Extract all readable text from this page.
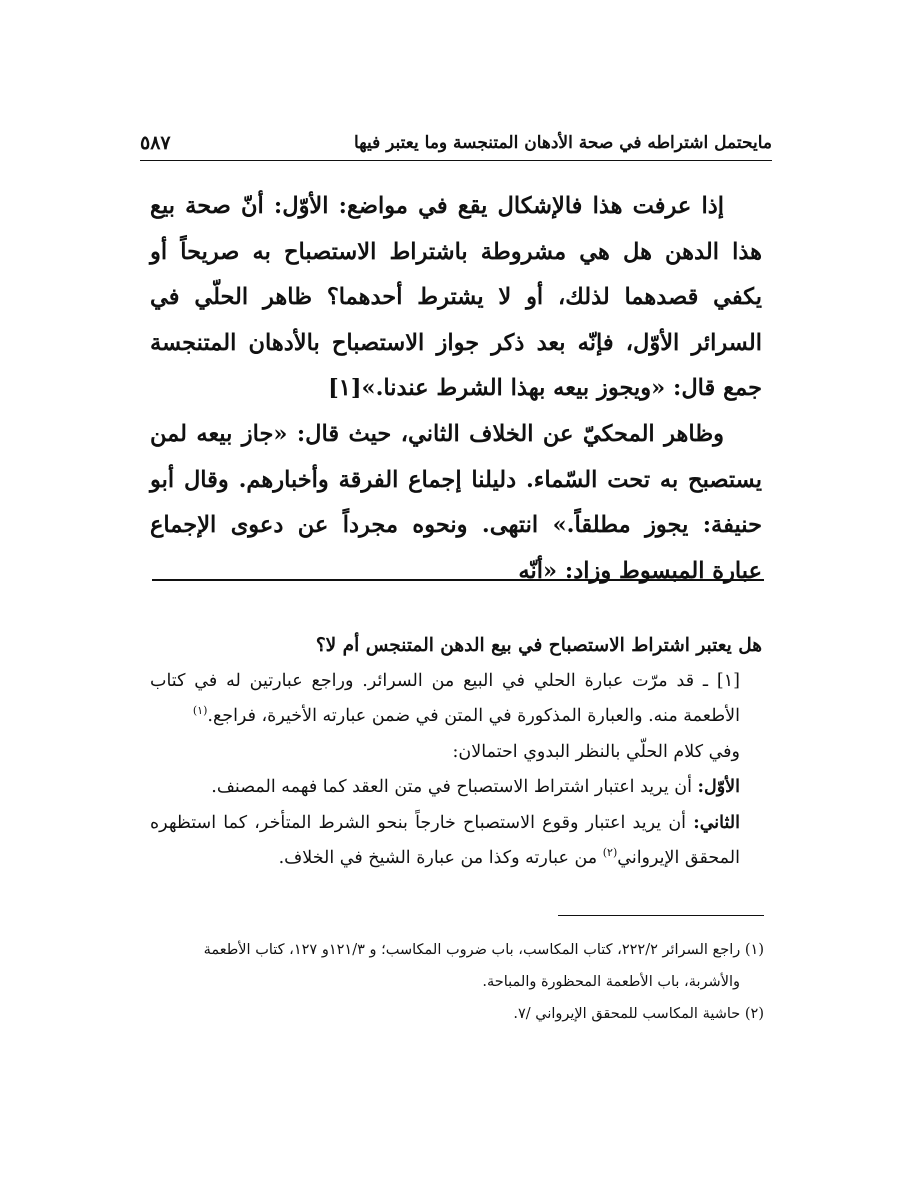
مايحتمل اشتراطه في صحة الأدهان المتنجسة وما يعتبر فيها
٥٨٧

إذا عرفت هذا فالإشكال يقع في مواضع: الأوّل: أنّ صحة بيع هذا الدهن هل هي مشروطة باشتراط الاستصباح به صريحاً أو يكفي قصدهما لذلك، أو لا يشترط أحدهما؟ ظاهر الحلّي في السرائر الأوّل، فإنّه بعد ذكر جواز الاستصباح بالأدهان المتنجسة جمع قال: «ويجوز بيعه بهذا الشرط عندنا.»[١]

وظاهر المحكيّ عن الخلاف الثاني، حيث قال: «جاز بيعه لمن يستصبح به تحت السّماء. دليلنا إجماع الفرقة وأخبارهم. وقال أبو حنيفة: يجوز مطلقاً.» انتهى. ونحوه مجرداً عن دعوى الإجماع عبارة المبسوط وزاد: «أنّه

هل يعتبر اشتراط الاستصباح في بيع الدهن المتنجس أم لا؟

[١] ـ قد مرّت عبارة الحلي في البيع من السرائر. وراجع عبارتين له في كتاب الأطعمة منه. والعبارة المذكورة في المتن في ضمن عبارته الأخيرة، فراجع.$^{(١)}$

وفي كلام الحلّي بالنظر البدوي احتمالان:

الأوّل: أن يريد اعتبار اشتراط الاستصباح في متن العقد كما فهمه المصنف.

الثاني: أن يريد اعتبار وقوع الاستصباح خارجاً بنحو الشرط المتأخر، كما استظهره المحقق الإيرواني$^{(٢)}$ من عبارته وكذا من عبارة الشيخ في الخلاف.

(١) راجع السرائر ٢٢٢/٢، كتاب المكاسب، باب ضروب المكاسب؛ و ١٢١/٣و ١٢٧، كتاب الأطعمة

والأشربة، باب الأطعمة المحظورة والمباحة.

(٢) حاشية المكاسب للمحقق الإيرواني /٧.
